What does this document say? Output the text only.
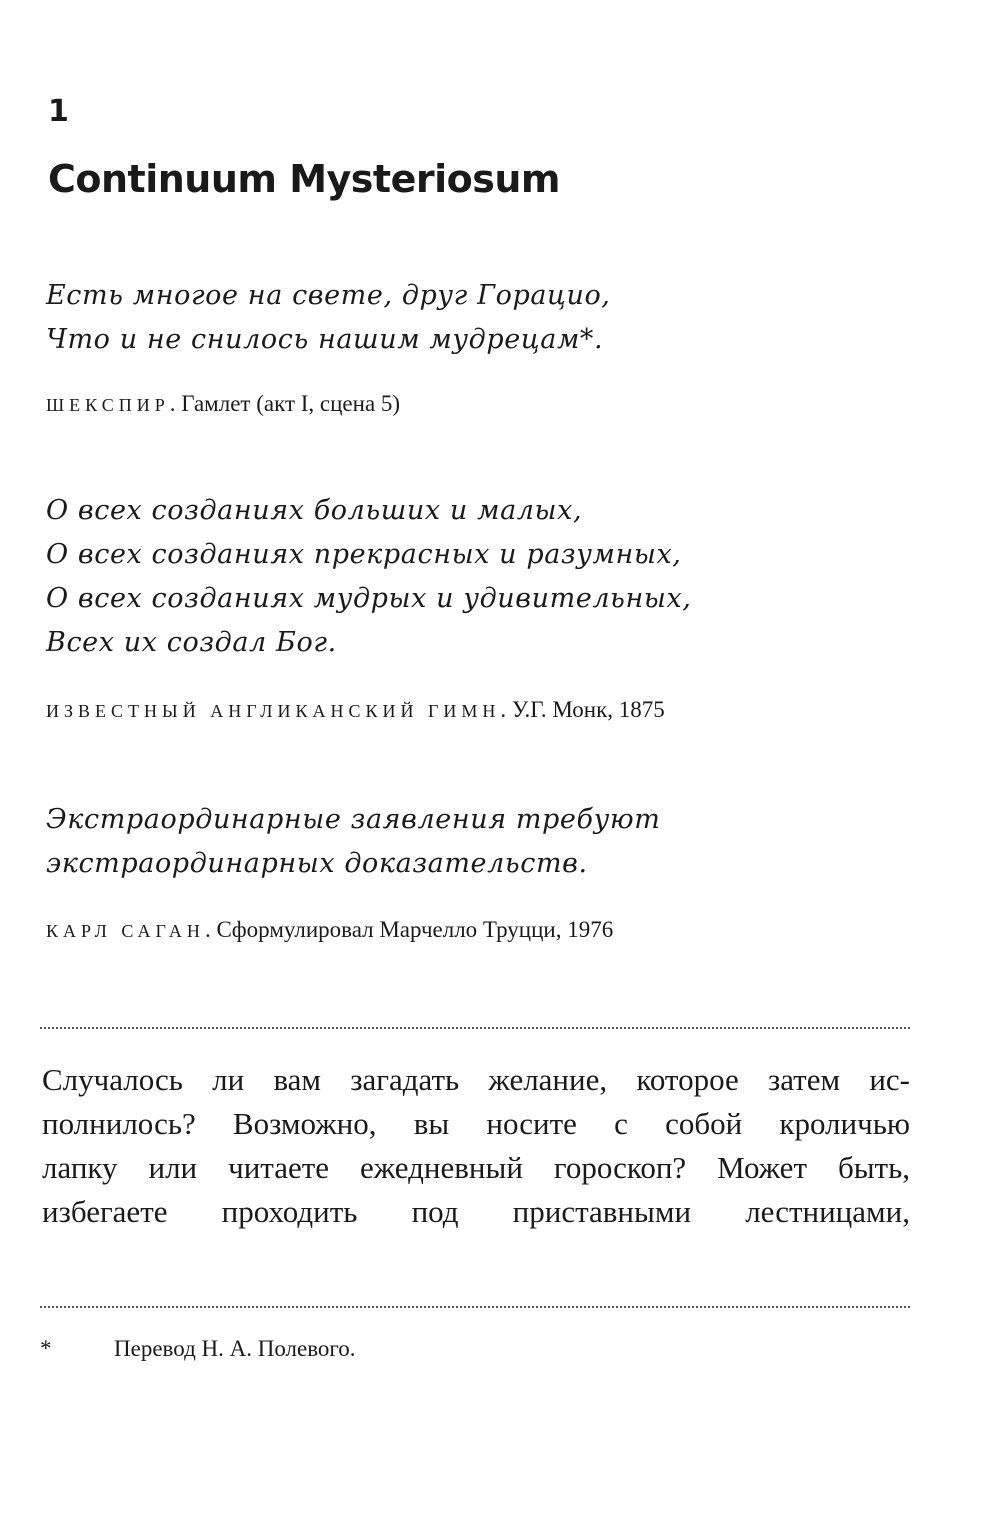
1

Continuum Mysteriosum

Есть многое на свете, друг Горацио,

Что и не снилось нашим мудрецам*.

ШЕКСПИР. Гамлет (акт I, сцена 5)

О всех созданиях больших и малых,

О всех созданиях прекрасных и разумных,

О всех созданиях мудрых и удивительных,

Всех их создал Бог.

ИЗВЕСТНЫЙ АНГЛИКАНСКИЙ ГИМН. У.Г. Монк, 1875

Экстраординарные заявления требуют

экстраординарных доказательств.

КАРЛ САГАН. Сформулировал Марчелло Труцци, 1976

Случалось ли вам загадать желание, которое затем ис-

полнилось? Возможно, вы носите с собой кроличью

лапку или читаете ежедневный гороскоп? Может быть,

избегаете проходить под приставными лестницами,

*	Перевод Н. А. Полевого.
